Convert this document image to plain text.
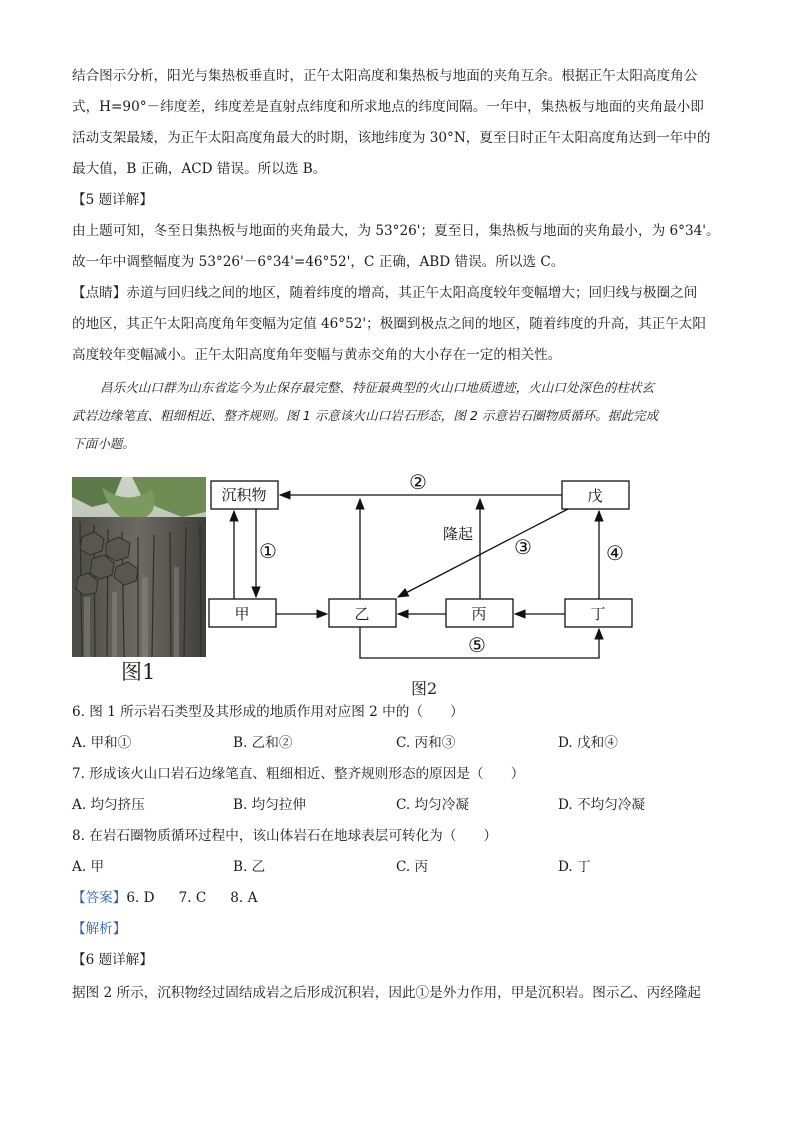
结合图示分析，阳光与集热板垂直时，正午太阳高度和集热板与地面的夹角互余。根据正午太阳高度角公
式，H=90°－纬度差，纬度差是直射点纬度和所求地点的纬度间隔。一年中，集热板与地面的夹角最小即
活动支架最矮，为正午太阳高度角最大的时期，该地纬度为 30°N，夏至日时正午太阳高度角达到一年中的
最大值，B 正确，ACD 错误。所以选 B。

【5 题详解】

由上题可知，冬至日集热板与地面的夹角最大，为 53°26'；夏至日，集热板与地面的夹角最小，为 6°34'。
故一年中调整幅度为 53°26'－6°34'=46°52'，C 正确，ABD 错误。所以选 C。

【点睛】赤道与回归线之间的地区，随着纬度的增高，其正午太阳高度较年变幅增大；回归线与极圈之间
的地区，其正午太阳高度角年变幅为定值 46°52'；极圈到极点之间的地区，随着纬度的升高，其正午太阳
高度较年变幅减小。正午太阳高度角年变幅与黄赤交角的大小存在一定的相关性。

昌乐火山口群为山东省迄今为止保存最完整、特征最典型的火山口地质遗迹，火山口处深色的柱状玄
武岩边缘笔直、粗细相近、整齐规则。图 1 示意该火山口岩石形态，图 2 示意岩石圈物质循环。据此完成
下面小题。

图1
沉积物	戊
甲	乙	丙	丁
①
②
③	④
⑤
隆起
图2
6. 图 1 所示岩石类型及其形成的地质作用对应图 2 中的（　　）
A. 甲和①	B. 乙和②	C. 丙和③	D. 戊和④
7. 形成该火山口岩石边缘笔直、粗细相近、整齐规则形态的原因是（　　）
A. 均匀挤压	B. 均匀拉伸	C. 均匀冷凝	D. 不均匀冷凝
8. 在岩石圈物质循环过程中，该山体岩石在地球表层可转化为（　　）
A. 甲	B. 乙	C. 丙	D. 丁
【答案】6. D 7. C 8. A
【解析】
【6 题详解】
据图 2 所示，沉积物经过固结成岩之后形成沉积岩，因此①是外力作用，甲是沉积岩。图示乙、丙经隆起
